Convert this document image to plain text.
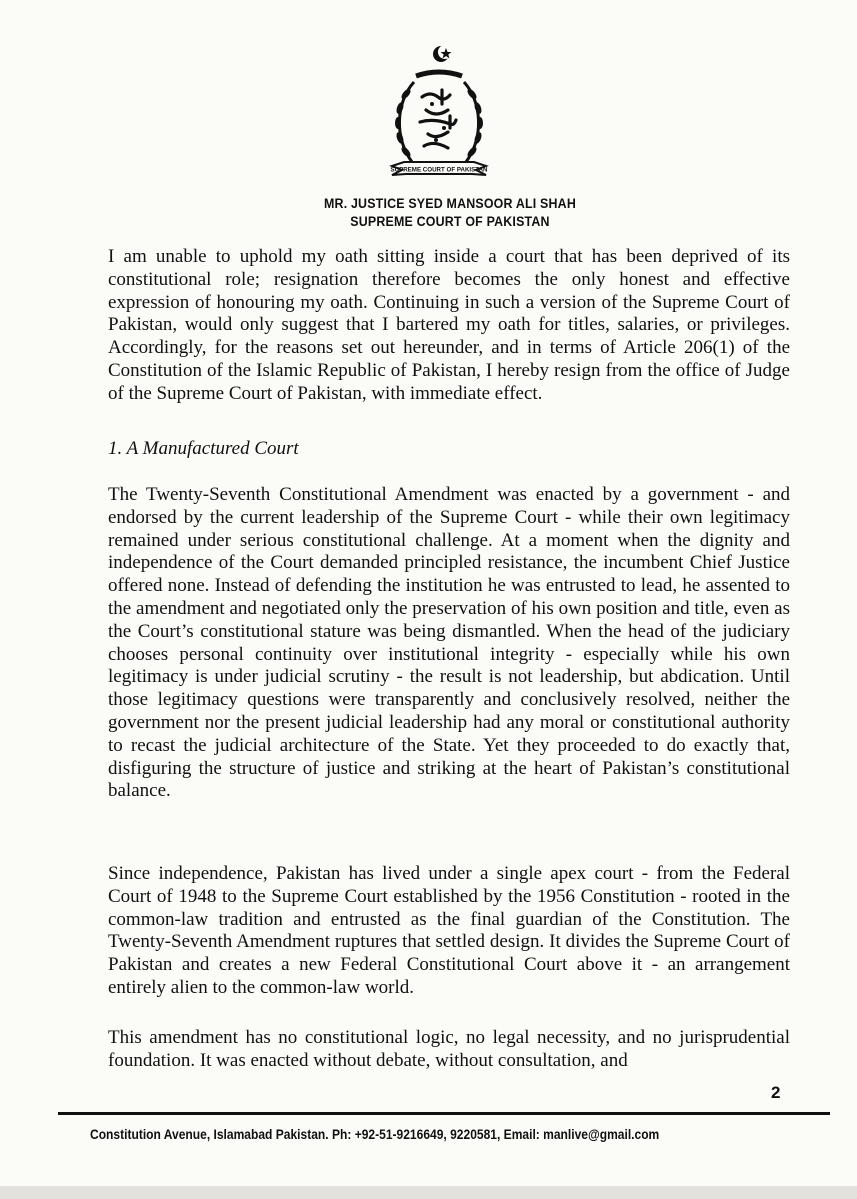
SUPREME COURT OF PAKISTAN
MR. JUSTICE SYED MANSOOR ALI SHAH
SUPREME COURT OF PAKISTAN

I am unable to uphold my oath sitting inside a court that has been deprived of its constitutional role; resignation therefore becomes the only honest and effective expression of honouring my oath. Continuing in such a version of the Supreme Court of Pakistan, would only suggest that I bartered my oath for titles, salaries, or privileges. Accordingly, for the reasons set out hereunder, and in terms of Article 206(1) of the Constitution of the Islamic Republic of Pakistan, I hereby resign from the office of Judge of the Supreme Court of Pakistan, with immediate effect.

1. A Manufactured Court

The Twenty-Seventh Constitutional Amendment was enacted by a government - and endorsed by the current leadership of the Supreme Court - while their own legitimacy remained under serious constitutional challenge. At a moment when the dignity and independence of the Court demanded principled resistance, the incumbent Chief Justice offered none. Instead of defending the institution he was entrusted to lead, he assented to the amendment and negotiated only the preservation of his own position and title, even as the Court’s constitutional stature was being dismantled. When the head of the judiciary chooses personal continuity over institutional integrity - especially while his own legitimacy is under judicial scrutiny - the result is not leadership, but abdication. Until those legitimacy questions were transparently and conclusively resolved, neither the government nor the present judicial leadership had any moral or constitutional authority to recast the judicial architecture of the State. Yet they proceeded to do exactly that, disfiguring the structure of justice and striking at the heart of Pakistan’s constitutional balance.

Since independence, Pakistan has lived under a single apex court - from the Federal Court of 1948 to the Supreme Court established by the 1956 Constitution - rooted in the common-law tradition and entrusted as the final guardian of the Constitution. The Twenty-Seventh Amendment ruptures that settled design. It divides the Supreme Court of Pakistan and creates a new Federal Constitutional Court above it - an arrangement entirely alien to the common-law world.

This amendment has no constitutional logic, no legal necessity, and no jurisprudential foundation. It was enacted without debate, without consultation, and

2
Constitution Avenue, Islamabad Pakistan. Ph: +92-51-9216649, 9220581, Email: manlive@gmail.com
